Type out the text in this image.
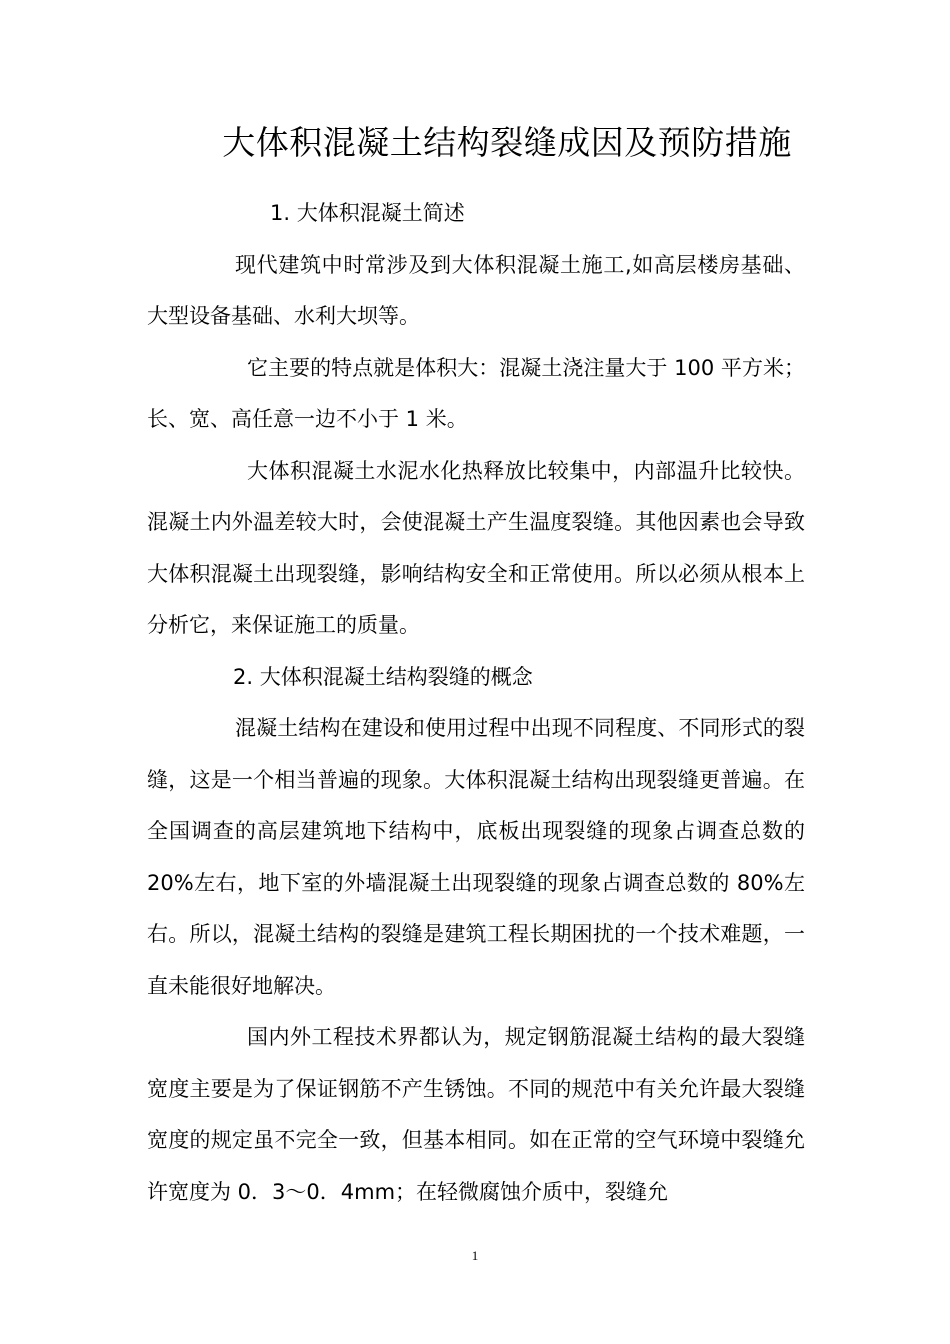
大体积混凝土结构裂缝成因及预防措施

1. 大体积混凝土简述

现代建筑中时常涉及到大体积混凝土施工,如高层楼房基础、大型设备基础、水利大坝等。

它主要的特点就是体积大：混凝土浇注量大于 100 平方米；长、宽、高任意一边不小于 1 米。

大体积混凝土水泥水化热释放比较集中，内部温升比较快。混凝土内外温差较大时，会使混凝土产生温度裂缝。其他因素也会导致大体积混凝土出现裂缝，影响结构安全和正常使用。所以必须从根本上分析它，来保证施工的质量。

2. 大体积混凝土结构裂缝的概念

混凝土结构在建设和使用过程中出现不同程度、不同形式的裂缝，这是一个相当普遍的现象。大体积混凝土结构出现裂缝更普遍。在全国调查的高层建筑地下结构中，底板出现裂缝的现象占调查总数的 20%左右，地下室的外墙混凝土出现裂缝的现象占调查总数的 80%左右。所以，混凝土结构的裂缝是建筑工程长期困扰的一个技术难题，一直未能很好地解决。

国内外工程技术界都认为，规定钢筋混凝土结构的最大裂缝宽度主要是为了保证钢筋不产生锈蚀。不同的规范中有关允许最大裂缝宽度的规定虽不完全一致，但基本相同。如在正常的空气环境中裂缝允许宽度为 0．3～0．4mm；在轻微腐蚀介质中，裂缝允

1
